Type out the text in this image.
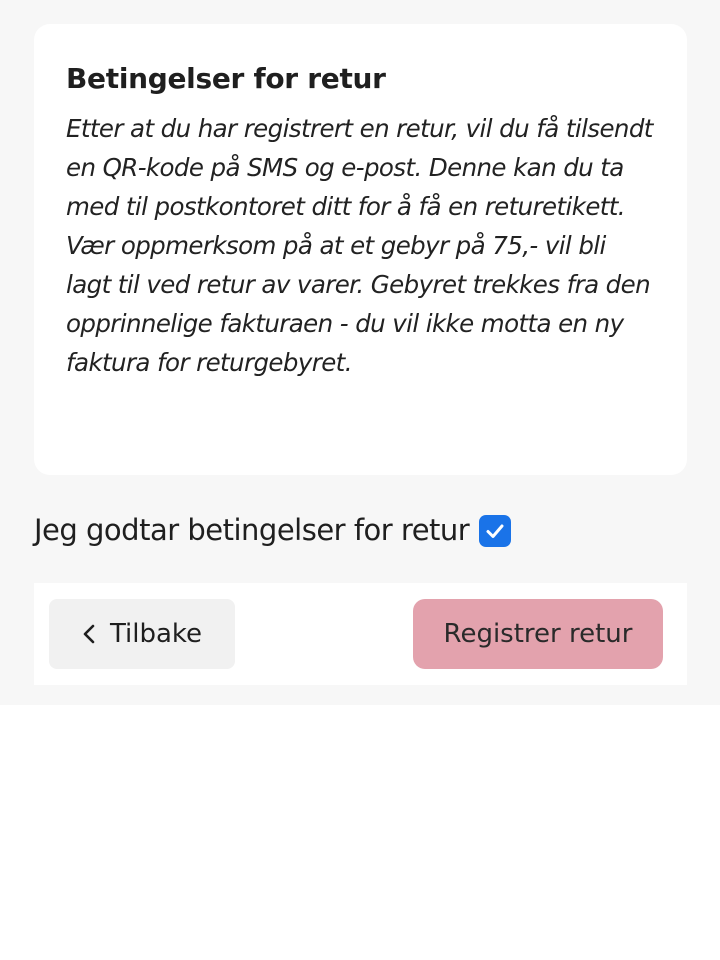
Betingelser for retur

Etter at du har registrert en retur, vil du få tilsendt en QR-kode på SMS og e-post. Denne kan du ta med til postkontoret ditt for å få en returetikett.

Vær oppmerksom på at et gebyr på 75,- vil bli lagt til ved retur av varer. Gebyret trekkes fra den opprinnelige fakturaen - du vil ikke motta en ny faktura for returgebyret.

Jeg godtar betingelser for retur
Tilbake	Registrer retur
